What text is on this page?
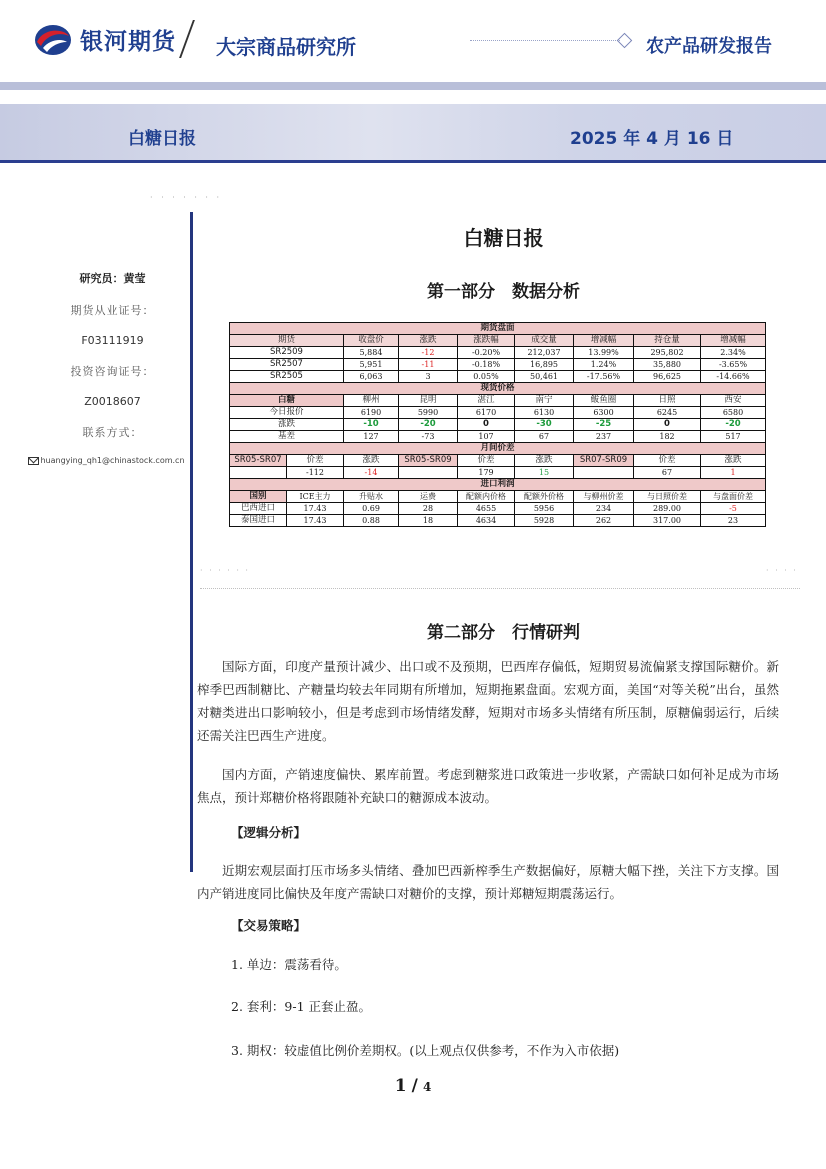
银河期货 大宗商品研究所	农产品研发报告
白糖日报	2025 年 4 月 16 日
· · · · · · ·
研究员：黄莹
期货从业证号：
F03111919
投资咨询证号：
Z0018607
联系方式：
huangying_qh1@chinastock.com.cn
白糖日报
第一部分　数据分析
期货盘面								
期货		收盘价	涨跌	涨跌幅	成交量	增减幅	持仓量	增减幅
SR2509		5,884	-12	-0.20%	212,037	13.99%	295,802	2.34%
SR2507		5,951	-11	-0.18%	16,895	1.24%	35,880	-3.65%
SR2505		6,063	3	0.05%	50,461	-17.56%	96,625	-14.66%
现货价格								
白糖		柳州	昆明	湛江	南宁	鲅鱼圈	日照	西安
今日报价		6190	5990	6170	6130	6300	6245	6580
涨跌		-10	-20	0	-30	-25	0	-20
基差		127	-73	107	67	237	182	517
月间价差								
SR05-SR07	价差	涨跌	SR05-SR09	价差	涨跌	SR07-SR09	价差	涨跌
	-112	-14		179	15		67	1
进口利润								
国别	ICE主力	升贴水	运费	配额内价格	配额外价格	与柳州价差	与日照价差	与盘面价差
巴西进口	17.43	0.69	28	4655	5956	234	289.00	-5
泰国进口	17.43	0.88	18	4634	5928	262	317.00	23
· · · · · ·	· · · ·
第二部分　行情研判
国际方面，印度产量预计减少、出口或不及预期，巴西库存偏低，短期贸易流偏紧支撑国际糖价。新榨季巴西制糖比、产糖量均较去年同期有所增加，短期拖累盘面。宏观方面，美国“对等关税”出台，虽然对糖类进出口影响较小，但是考虑到市场情绪发酵，短期对市场多头情绪有所压制，原糖偏弱运行，后续还需关注巴西生产进度。
国内方面，产销速度偏快、累库前置。考虑到糖浆进口政策进一步收紧，产需缺口如何补足成为市场焦点，预计郑糖价格将跟随补充缺口的糖源成本波动。
【逻辑分析】
近期宏观层面打压市场多头情绪、叠加巴西新榨季生产数据偏好，原糖大幅下挫，关注下方支撑。国内产销进度同比偏快及年度产需缺口对糖价的支撑，预计郑糖短期震荡运行。
【交易策略】
1. 单边：震荡看待。
2. 套利：9-1 正套止盈。
3. 期权：较虚值比例价差期权。(以上观点仅供参考，不作为入市依据)
1 / 4
